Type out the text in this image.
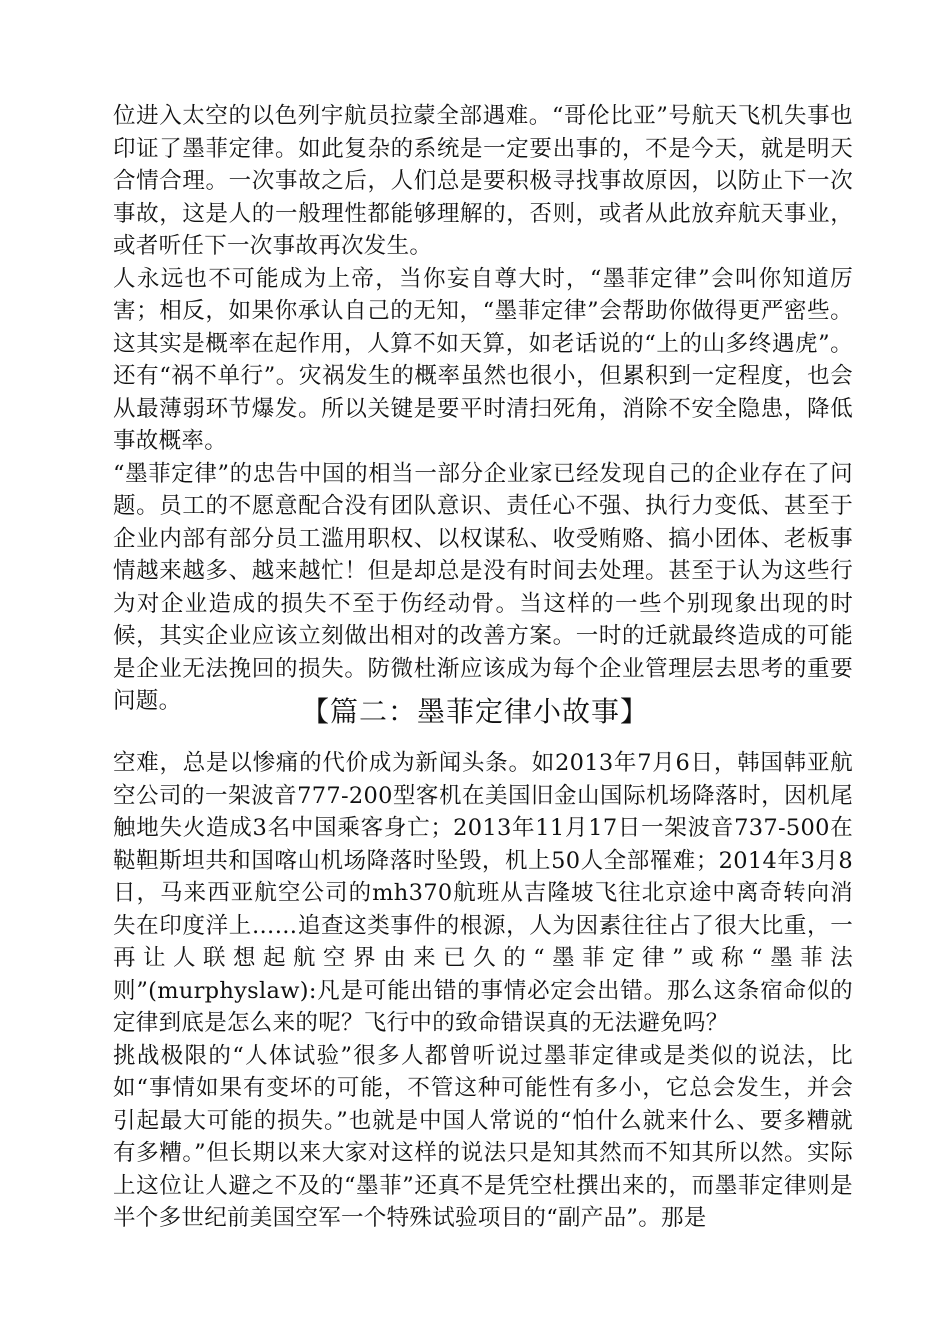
位进入太空的以色列宇航员拉蒙全部遇难。“哥伦比亚”号航天飞机失事也印证了墨菲定律。如此复杂的系统是一定要出事的，不是今天，就是明天合情合理。一次事故之后，人们总是要积极寻找事故原因，以防止下一次事故，这是人的一般理性都能够理解的，否则，或者从此放弃航天事业，或者听任下一次事故再次发生。

人永远也不可能成为上帝，当你妄自尊大时，“墨菲定律”会叫你知道厉害；相反，如果你承认自己的无知，“墨菲定律”会帮助你做得更严密些。这其实是概率在起作用，人算不如天算，如老话说的“上的山多终遇虎”。还有“祸不单行”。灾祸发生的概率虽然也很小，但累积到一定程度，也会从最薄弱环节爆发。所以关键是要平时清扫死角，消除不安全隐患，降低事故概率。

“墨菲定律”的忠告中国的相当一部分企业家已经发现自己的企业存在了问题。员工的不愿意配合没有团队意识、责任心不强、执行力变低、甚至于企业内部有部分员工滥用职权、以权谋私、收受贿赂、搞小团体、老板事情越来越多、越来越忙！但是却总是没有时间去处理。甚至于认为这些行为对企业造成的损失不至于伤经动骨。当这样的一些个别现象出现的时候，其实企业应该立刻做出相对的改善方案。一时的迁就最终造成的可能是企业无法挽回的损失。防微杜渐应该成为每个企业管理层去思考的重要问题。	【篇二：墨菲定律小故事】

空难，总是以惨痛的代价成为新闻头条。如2013年7月6日，韩国韩亚航空公司的一架波音777-200型客机在美国旧金山国际机场降落时，因机尾触地失火造成3名中国乘客身亡；2013年11月17日一架波音737-500在鞑靼斯坦共和国喀山机场降落时坠毁，机上50人全部罹难；2014年3月8日，马来西亚航空公司的mh370航班从吉隆坡飞往北京途中离奇转向消失在印度洋上……追查这类事件的根源，人为因素往往占了很大比重，一再让人联想起航空界由来已久的“墨菲定律”或称“墨菲法则”(murphyslaw):凡是可能出错的事情必定会出错。那么这条宿命似的定律到底是怎么来的呢？飞行中的致命错误真的无法避免吗？

挑战极限的“人体试验”很多人都曾听说过墨菲定律或是类似的说法，比如“事情如果有变坏的可能，不管这种可能性有多小，它总会发生，并会引起最大可能的损失。”也就是中国人常说的“怕什么就来什么、要多糟就有多糟。”但长期以来大家对这样的说法只是知其然而不知其所以然。实际上这位让人避之不及的“墨菲”还真不是凭空杜撰出来的，而墨菲定律则是半个多世纪前美国空军一个特殊试验项目的“副产品”。那是
